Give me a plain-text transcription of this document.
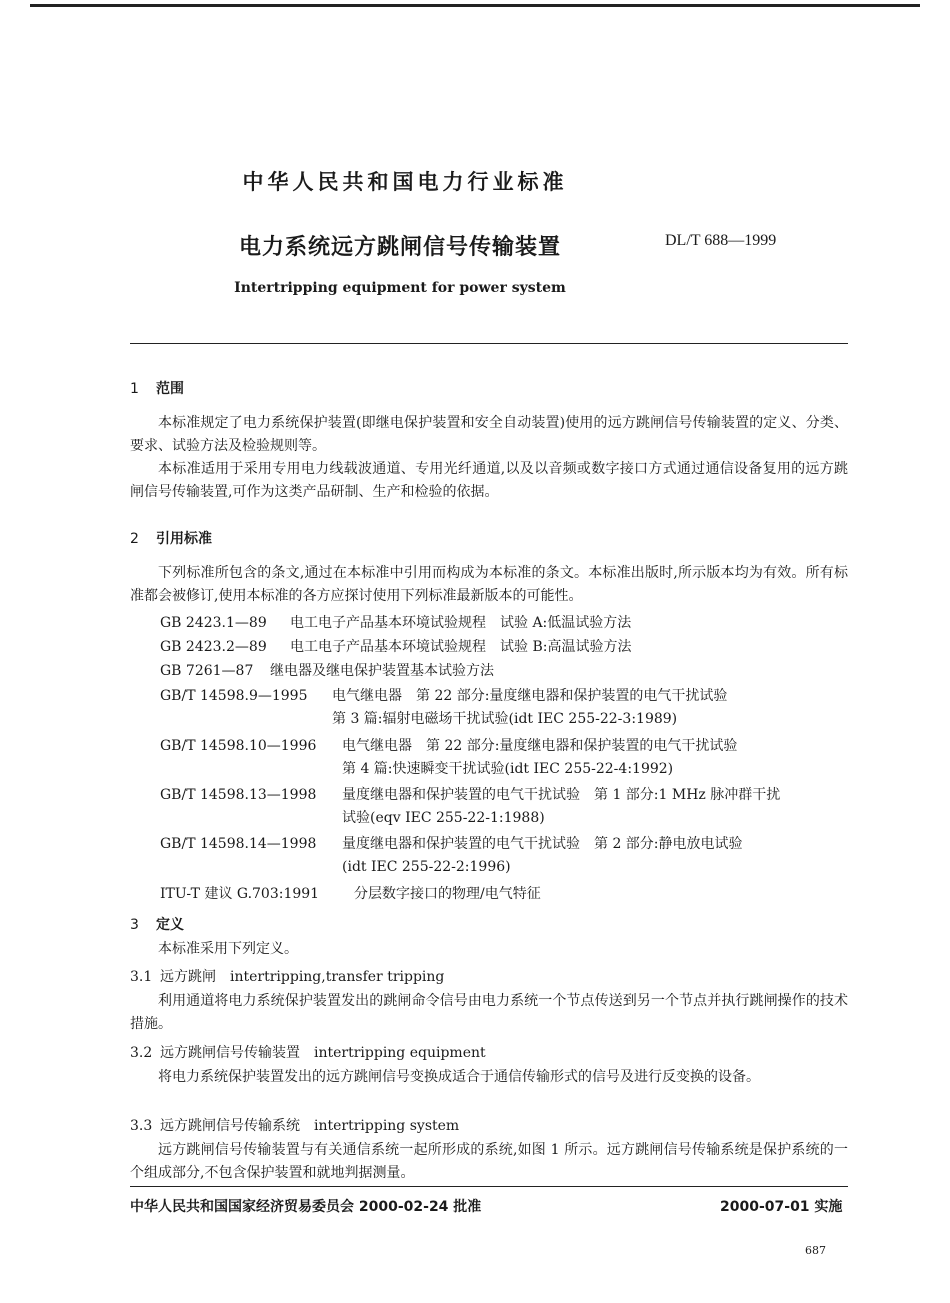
中华人民共和国电力行业标准
电力系统远方跳闸信号传输装置	DL/T 688—1999
Intertripping equipment for power system
1 范围

本标准规定了电力系统保护装置(即继电保护装置和安全自动装置)使用的远方跳闸信号传输装置的定义、分类、要求、试验方法及检验规则等。

本标准适用于采用专用电力线载波通道、专用光纤通道,以及以音频或数字接口方式通过通信设备复用的远方跳闸信号传输装置,可作为这类产品研制、生产和检验的依据。

2 引用标准

下列标准所包含的条文,通过在本标准中引用而构成为本标准的条文。本标准出版时,所示版本均为有效。所有标准都会被修订,使用本标准的各方应探讨使用下列标准最新版本的可能性。

GB 2423.1—89 电工电子产品基本环境试验规程　试验 A:低温试验方法
GB 2423.2—89 电工电子产品基本环境试验规程　试验 B:高温试验方法
GB 7261—87 继电器及继电保护装置基本试验方法
GB/T 14598.9—1995 电气继电器　第 22 部分:量度继电器和保护装置的电气干扰试验
第 3 篇:辐射电磁场干扰试验(idt IEC 255-22-3:1989)
GB/T 14598.10—1996 电气继电器　第 22 部分:量度继电器和保护装置的电气干扰试验
第 4 篇:快速瞬变干扰试验(idt IEC 255-22-4:1992)
GB/T 14598.13—1998 量度继电器和保护装置的电气干扰试验　第 1 部分:1 MHz 脉冲群干扰
试验(eqv IEC 255-22-1:1988)
GB/T 14598.14—1998 量度继电器和保护装置的电气干扰试验　第 2 部分:静电放电试验
(idt IEC 255-22-2:1996)
ITU-T 建议 G.703:1991 分层数字接口的物理/电气特征
3 定义

本标准采用下列定义。

3.1 远方跳闸　 intertripping,transfer tripping

利用通道将电力系统保护装置发出的跳闸命令信号由电力系统一个节点传送到另一个节点并执行跳闸操作的技术措施。

3.2 远方跳闸信号传输装置　 intertripping equipment

将电力系统保护装置发出的远方跳闸信号变换成适合于通信传输形式的信号及进行反变换的设备。

3.3 远方跳闸信号传输系统　 intertripping system

远方跳闸信号传输装置与有关通信系统一起所形成的系统,如图 1 所示。远方跳闸信号传输系统是保护系统的一个组成部分,不包含保护装置和就地判据测量。

中华人民共和国国家经济贸易委员会 2000-02-24 批准	2000-07-01 实施
687
